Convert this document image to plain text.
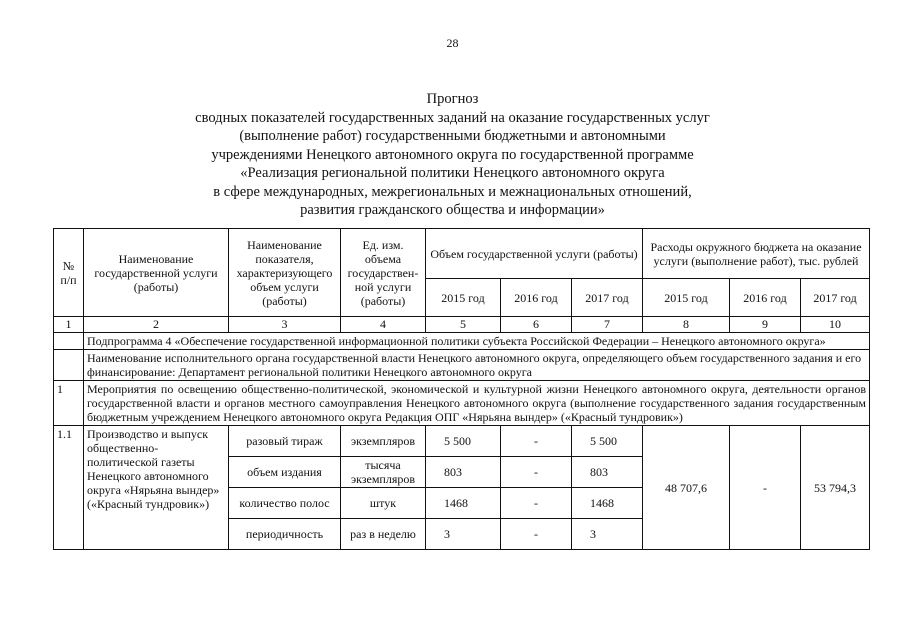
28
Прогноз
сводных показателей государственных заданий на оказание государственных услуг
(выполнение работ) государственными бюджетными и автономными
учреждениями Ненецкого автономного округа по государственной программе
«Реализация региональной политики Ненецкого автономного округа
в сфере международных, межрегиональных и межнациональных отношений,
развития гражданского общества и информации»
№ п/п	Наименование государственной услуги (работы)	Наименование показателя, характеризующего объем услуги (работы)	Ед. изм. объема государствен-ной услуги (работы)	Объем государственной услуги (работы)			Расходы окружного бюджета на оказание услуги (выполнение работ), тыс. рублей		
				2015 год	2016 год	2017 год	2015 год	2016 год	2017 год
1	2	3	4	5	6	7	8	9	10
	Подпрограмма 4 «Обеспечение государственной информационной политики субъекта Российской Федерации – Ненецкого автономного округа»								
	Наименование исполнительного органа государственной власти Ненецкого автономного округа, определяющего объем государственного задания и его финансирование: Департамент региональной политики Ненецкого автономного округа								
1	Мероприятия по освещению общественно-политической, экономической и культурной жизни Ненецкого автономного округа, деятельности органов государственной власти и органов местного самоуправления Ненецкого автономного округа (выполнение государственного задания государственным бюджетным учреждением Ненецкого автономного округа Редакция ОПГ «Нярьяна вындер» («Красный тундровик»)								
1.1	Производство и выпуск общественно-политической газеты Ненецкого автономного округа «Нярьяна вындер» («Красный тундровик»)	разовый тираж	экземпляров	5 500	-	5 500	48 707,6	-	53 794,3
		объем издания	тысяча экземпляров	803	-	803			
		количество полос	штук	1468	-	1468			
		периодичность	раз в неделю	3	-	3			
